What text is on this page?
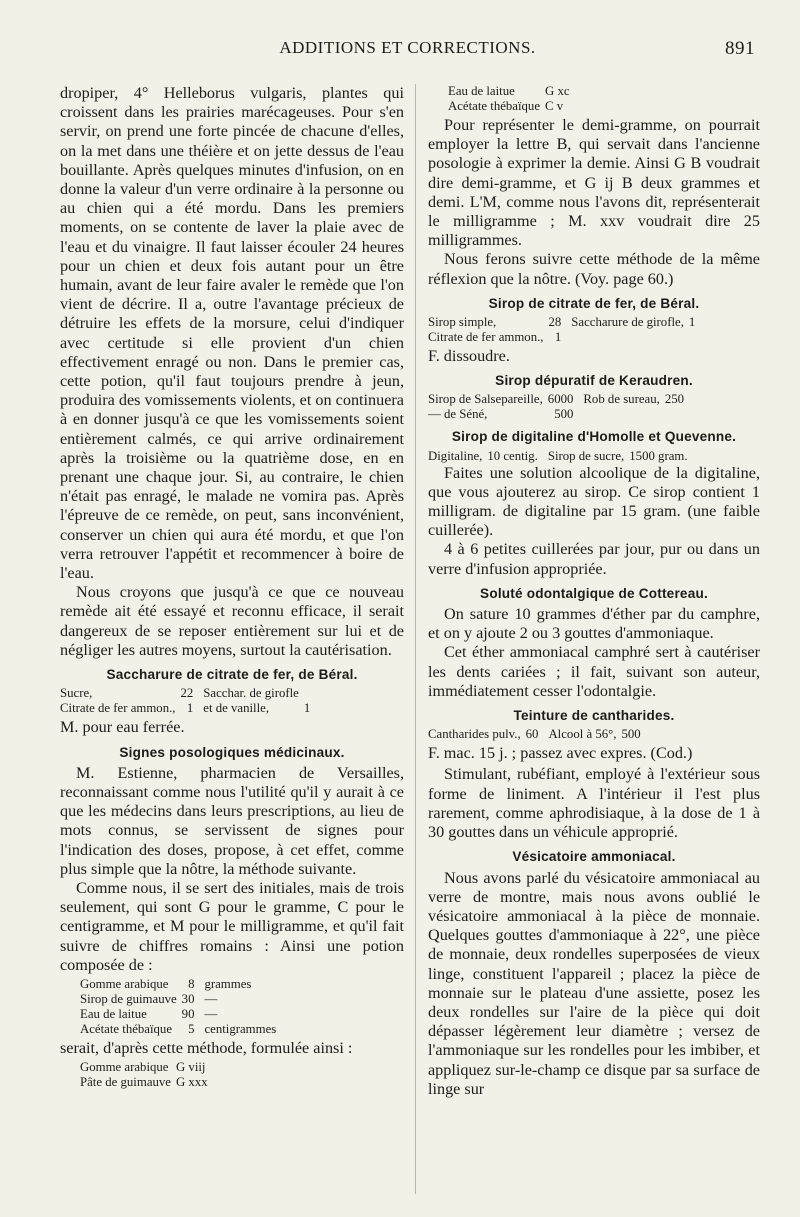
ADDITIONS ET CORRECTIONS.	891

dropiper, 4° Helleborus vulgaris, plantes qui croissent dans les prairies marécageuses. Pour s'en servir, on prend une forte pincée de chacune d'elles, on la met dans une théière et on jette dessus de l'eau bouillante. Après quelques minutes d'infusion, on en donne la valeur d'un verre ordinaire à la personne ou au chien qui a été mordu. Dans les premiers moments, on se contente de laver la plaie avec de l'eau et du vinaigre. Il faut laisser écouler 24 heures pour un chien et deux fois autant pour un être humain, avant de leur faire avaler le remède que l'on vient de décrire. Il a, outre l'avantage précieux de détruire les effets de la morsure, celui d'indiquer avec certitude si elle provient d'un chien effectivement enragé ou non. Dans le premier cas, cette potion, qu'il faut toujours prendre à jeun, produira des vomissements violents, et on continuera à en donner jusqu'à ce que les vomissements soient entièrement calmés, ce qui arrive ordinairement après la troisième ou la quatrième dose, en en prenant une chaque jour. Si, au contraire, le chien n'était pas enragé, le malade ne vomira pas. Après l'épreuve de ce remède, on peut, sans inconvénient, conserver un chien qui aura été mordu, et que l'on verra retrouver l'appétit et recommencer à boire de l'eau.

Nous croyons que jusqu'à ce que ce nouveau remède ait été essayé et reconnu efficace, il serait dangereux de se reposer entièrement sur lui et de négliger les autres moyens, surtout la cautérisation.

Saccharure de citrate de fer, de Béral.
Sucre,	22	Sacchar. de girofle	
Citrate de fer ammon.,	1	et de vanille,	1

M. pour eau ferrée.

Signes posologiques médicinaux.

M. Estienne, pharmacien de Versailles, reconnaissant comme nous l'utilité qu'il y aurait à ce que les médecins dans leurs prescriptions, au lieu de mots connus, se servissent de signes pour l'indication des doses, propose, à cet effet, comme plus simple que la nôtre, la méthode suivante.

Comme nous, il se sert des initiales, mais de trois seulement, qui sont G pour le gramme, C pour le centigramme, et M pour le milligramme, et qu'il fait suivre de chiffres romains : Ainsi une potion composée de :

Gomme arabique	8	grammes
Sirop de guimauve	30	—
Eau de laitue	90	—
Acétate thébaïque	5	centigrammes

serait, d'après cette méthode, formulée ainsi :

Gomme arabique	G viij
Pâte de guimauve	G xxx
Eau de laitue	G xc
Acétate thébaïque	C v

Pour représenter le demi-gramme, on pourrait employer la lettre B, qui servait dans l'ancienne posologie à exprimer la demie. Ainsi G B voudrait dire demi-gramme, et G ij B deux grammes et demi. L'M, comme nous l'avons dit, représenterait le milligramme ; M. xxv voudrait dire 25 milligrammes.

Nous ferons suivre cette méthode de la même réflexion que la nôtre. (Voy. page 60.)

Sirop de citrate de fer, de Béral.
Sirop simple,	28	Saccharure de girofle,	1
Citrate de fer ammon.,	1		

F. dissoudre.

Sirop dépuratif de Keraudren.
Sirop de Salsepareille,	6000	Rob de sureau,	250
— de Séné,	500		
Sirop de digitaline d'Homolle et Quevenne.
Digitaline,	10 centig.	Sirop de sucre,	1500 gram.

Faites une solution alcoolique de la digitaline, que vous ajouterez au sirop. Ce sirop contient 1 milligram. de digitaline par 15 gram. (une faible cuillerée).

4 à 6 petites cuillerées par jour, pur ou dans un verre d'infusion appropriée.

Soluté odontalgique de Cottereau.

On sature 10 grammes d'éther par du camphre, et on y ajoute 2 ou 3 gouttes d'ammoniaque.

Cet éther ammoniacal camphré sert à cautériser les dents cariées ; il fait, suivant son auteur, immédiatement cesser l'odontalgie.

Teinture de cantharides.
Cantharides pulv.,	60	Alcool à 56°,	500

F. mac. 15 j. ; passez avec expres. (Cod.)

Stimulant, rubéfiant, employé à l'extérieur sous forme de liniment. A l'intérieur il l'est plus rarement, comme aphrodisiaque, à la dose de 1 à 30 gouttes dans un véhicule approprié.

Vésicatoire ammoniacal.

Nous avons parlé du vésicatoire ammoniacal au verre de montre, mais nous avons oublié le vésicatoire ammoniacal à la pièce de monnaie. Quelques gouttes d'ammoniaque à 22°, une pièce de monnaie, deux rondelles superposées de vieux linge, constituent l'appareil ; placez la pièce de monnaie sur le plateau d'une assiette, posez les deux rondelles sur l'aire de la pièce qui doit dépasser légèrement leur diamètre ; versez de l'ammoniaque sur les rondelles pour les imbiber, et appliquez sur-le-champ ce disque par sa surface de linge sur
